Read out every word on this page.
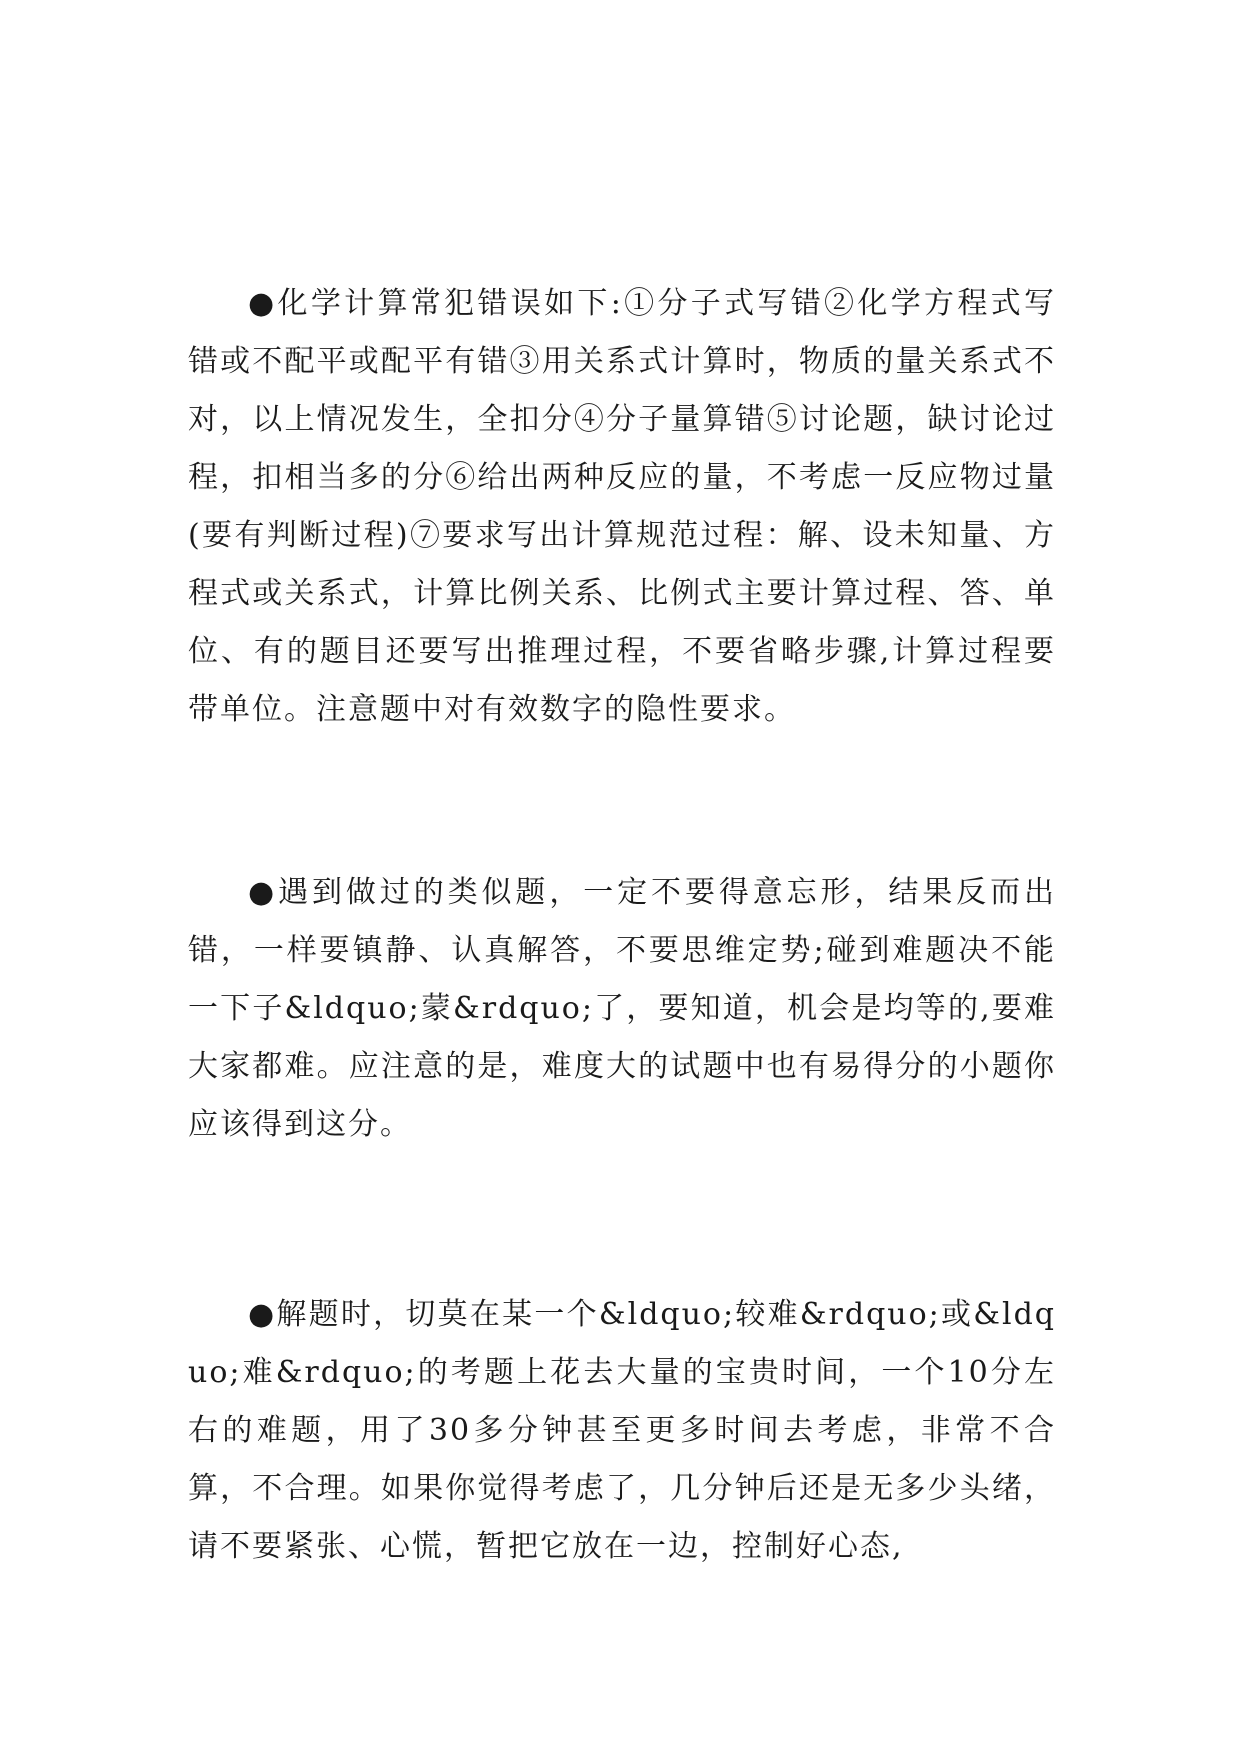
●化学计算常犯错误如下:①分子式写错②化学方程式写错或不配平或配平有错③用关系式计算时，物质的量关系式不对，以上情况发生，全扣分④分子量算错⑤讨论题，缺讨论过程，扣相当多的分⑥给出两种反应的量，不考虑一反应物过量(要有判断过程)⑦要求写出计算规范过程：解、设未知量、方程式或关系式，计算比例关系、比例式主要计算过程、答、单位、有的题目还要写出推理过程，不要省略步骤,计算过程要带单位。注意题中对有效数字的隐性要求。

●遇到做过的类似题，一定不要得意忘形，结果反而出错，一样要镇静、认真解答，不要思维定势;碰到难题决不能一下子&ldquo;蒙&rdquo;了，要知道，机会是均等的,要难大家都难。应注意的是，难度大的试题中也有易得分的小题你应该得到这分。

●解题时，切莫在某一个&ldquo;较难&rdquo;或&ldquo;难&rdquo;的考题上花去大量的宝贵时间，一个10分左右的难题，用了30多分钟甚至更多时间去考虑，非常不合算，不合理。如果你觉得考虑了，几分钟后还是无多少头绪，请不要紧张、心慌，暂把它放在一边，控制好心态,
